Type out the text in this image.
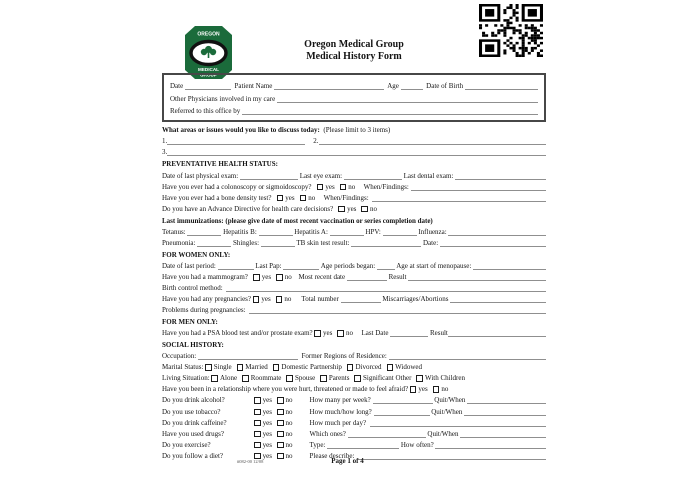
OREGON
MEDICAL
GROUP
Oregon Medical Group
Medical History Form
Date	Patient Name	Age	Date of Birth
Other Physicians involved in my care
Referred to this office by
What areas or issues would you like to discuss today: (Please limit to 3 items)
1.	2.
3.
PREVENTATIVE HEALTH STATUS:
Date of last physical exam:	Last eye exam:	Last dental exam:
Have you ever had a colonoscopy or sigmoidoscopy? yes no When/Findings:
Have you ever had a bone density test? yes no When/Findings:
Do you have an Advance Directive for health care decisions? yes no
Last immunizations: (please give date of most recent vaccination or series completion date)
Tetanus:	Hepatitis B:	Hepatitis A:	HPV:	Influenza:
Pneumonia:	Shingles:	TB skin test result:	Date:
FOR WOMEN ONLY:
Date of last period:	Last Pap:	Age periods began:	Age at start of menopause:
Have you had a mammogram? yes no Most recent date	Result
Birth control method:
Have you had any pregnancies? yes no Total number	Miscarriages/Abortions
Problems during pregnancies:
FOR MEN ONLY:
Have you had a PSA blood test and/or prostate exam? yes no Last Date	Result
SOCIAL HISTORY:
Occupation:	Former Regions of Residence:
Marital Status: Single Married Domestic Partnership Divorced Widowed
Living Situation: Alone Roommate Spouse Parents Significant Other With Children
Have you been in a relationship where you were hurt, threatened or made to feel afraid? yes no
Do you drink alcohol?	yes no How many per week?	Quit/When
Do you use tobacco?	yes no How much/how long?	Quit/When
Do you drink caffeine?	yes no How much per day?
Have you used drugs?	yes no Which ones?	Quit/When
Do you exercise?	yes no Type:	How often?
Do you follow a diet?	yes no Please describe:
#082-00 12/08	Page 1 of 4
